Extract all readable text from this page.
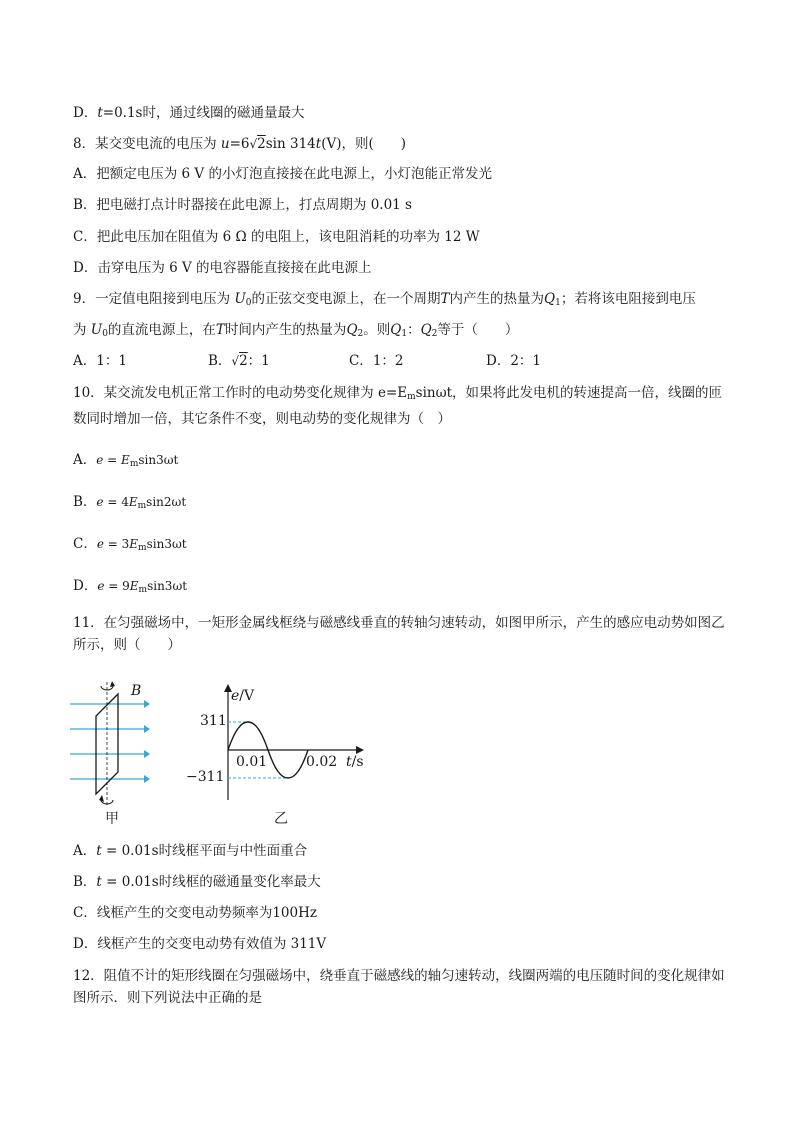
D．t=0.1s时，通过线圈的磁通量最大
8．某交变电流的电压为 u=6√2sin 314t(V)，则(　　)
A．把额定电压为 6 V 的小灯泡直接接在此电源上，小灯泡能正常发光
B．把电磁打点计时器接在此电源上，打点周期为 0.01 s
C．把此电压加在阻值为 6 Ω 的电阻上，该电阻消耗的功率为 12 W
D．击穿电压为 6 V 的电容器能直接接在此电源上
9．一定值电阻接到电压为 $U_0$的正弦交变电源上，在一个周期T内产生的热量为$Q_1$；若将该电阻接到电压
为 $U_0$的直流电源上，在T时间内产生的热量为$Q_2$。则$Q_1$：$Q_2$等于（　　）
A．1：1	B．√2：1	C．1：2	D．2：1
10．某交流发电机正常工作时的电动势变化规律为 $e=E_m\sin\omega t$，如果将此发电机的转速提高一倍，线圈的匝数同时增加一倍，其它条件不变，则电动势的变化规律为（　）
A．$e = E_m\sin 3\omega t$
B．$e = 4E_m\sin 2\omega t$
C．$e = 3E_m\sin 3\omega t$
D．$e = 9E_m\sin 3\omega t$
11．在匀强磁场中，一矩形金属线框绕与磁感线垂直的转轴匀速转动，如图甲所示，产生的感应电动势如图乙所示，则（　　）
B
甲
e/V
311
−311
0.01	0.02 t/s
乙
A．t = 0.01s时线框平面与中性面重合
B．t = 0.01s时线框的磁通量变化率最大
C．线框产生的交变电动势频率为100Hz
D．线框产生的交变电动势有效值为 311V
12．阻值不计的矩形线圈在匀强磁场中，绕垂直于磁感线的轴匀速转动，线圈两端的电压随时间的变化规律如图所示．则下列说法中正确的是
